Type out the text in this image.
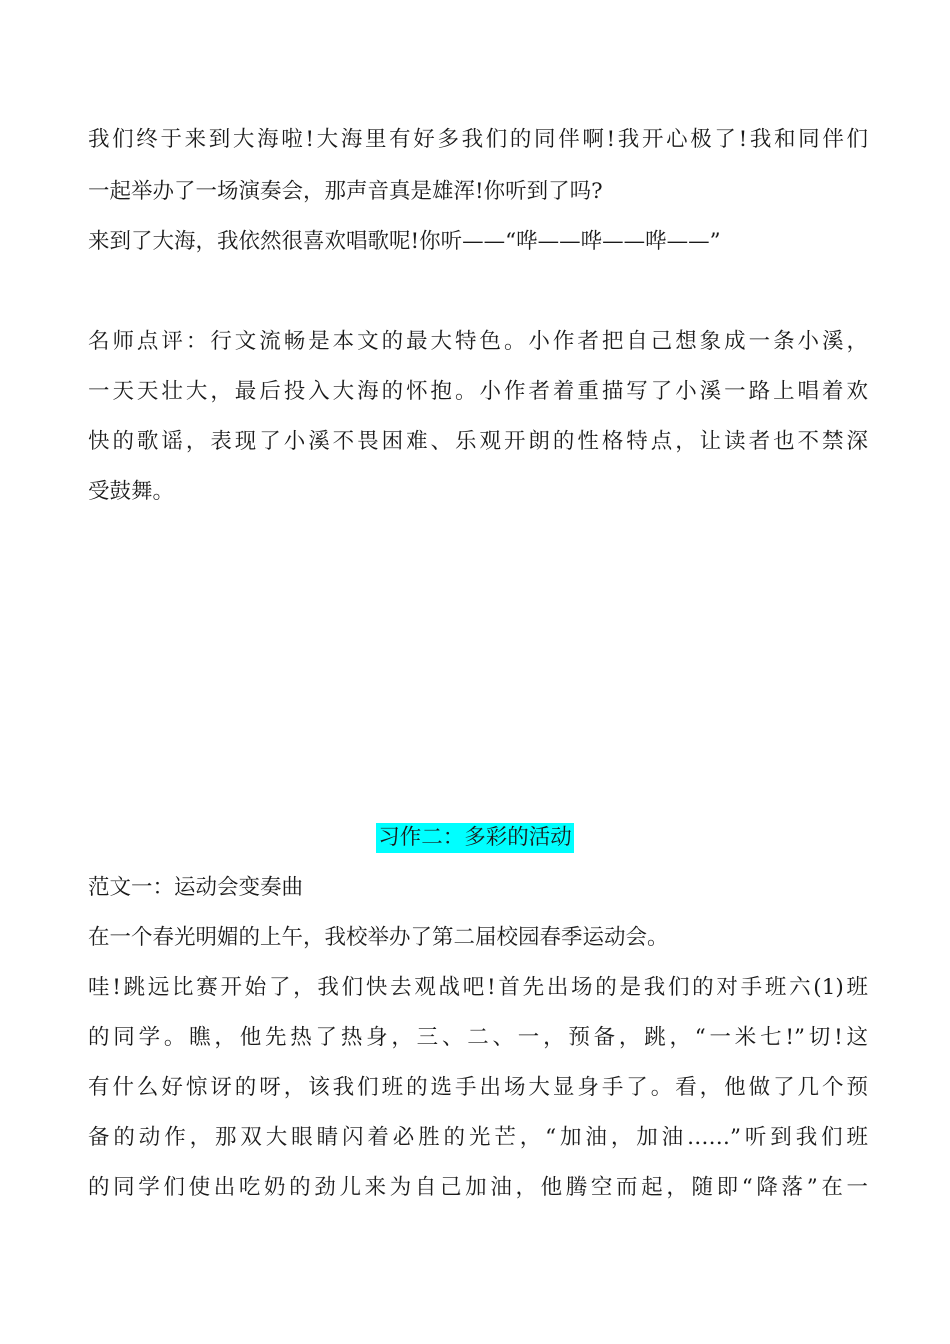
我们终于来到大海啦!大海里有好多我们的同伴啊!我开心极了!我和同伴们
一起举办了一场演奏会，那声音真是雄浑!你听到了吗?
来到了大海，我依然很喜欢唱歌呢!你听——“哗——哗——哗——”
名师点评：行文流畅是本文的最大特色。小作者把自己想象成一条小溪，
一天天壮大，最后投入大海的怀抱。小作者着重描写了小溪一路上唱着欢
快的歌谣，表现了小溪不畏困难、乐观开朗的性格特点，让读者也不禁深
受鼓舞。
习作二：多彩的活动
范文一：运动会变奏曲
在一个春光明媚的上午，我校举办了第二届校园春季运动会。
哇!跳远比赛开始了，我们快去观战吧!首先出场的是我们的对手班六(1)班
的同学。瞧，他先热了热身，三、二、一，预备，跳，“一米七!”切!这
有什么好惊讶的呀，该我们班的选手出场大显身手了。看，他做了几个预
备的动作，那双大眼睛闪着必胜的光芒，“加油，加油……”听到我们班
的同学们使出吃奶的劲儿来为自己加油，他腾空而起，随即“降落”在一
